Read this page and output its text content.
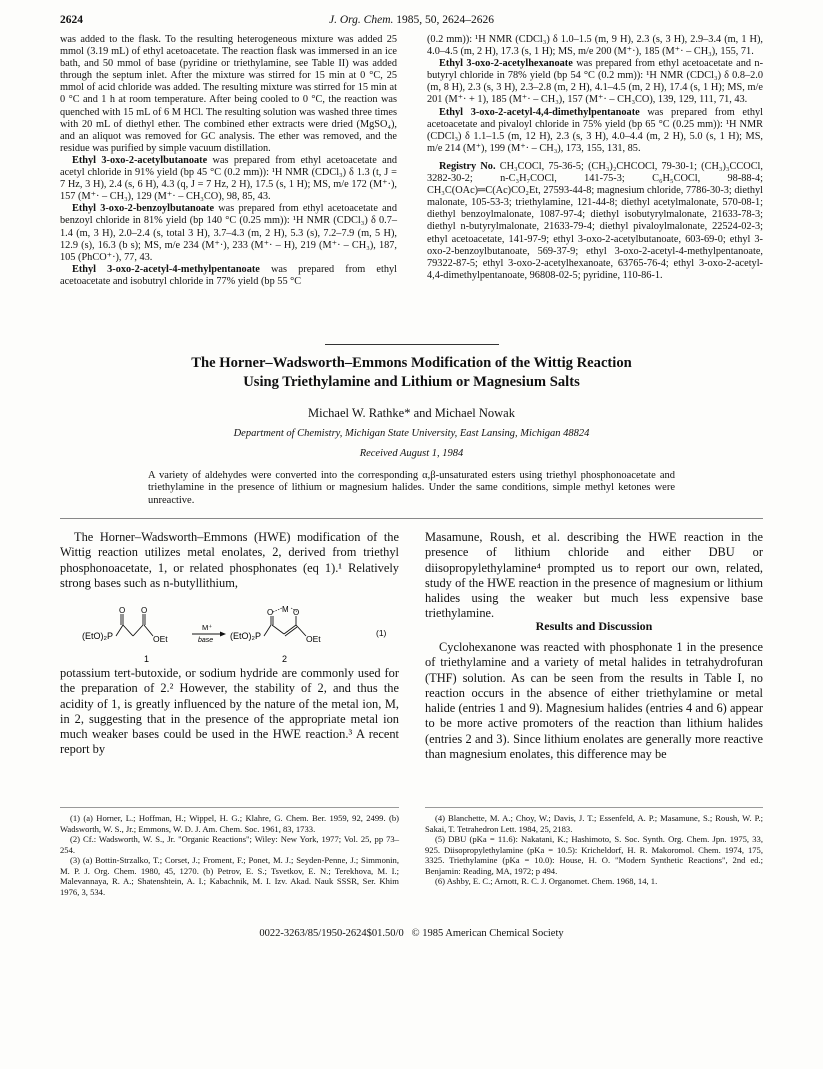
2624	J. Org. Chem. 1985, 50, 2624–2626

was added to the flask. To the resulting heterogeneous mixture was added 25 mmol (3.19 mL) of ethyl acetoacetate. The reaction flask was immersed in an ice bath, and 50 mmol of base (pyridine or triethylamine, see Table II) was added through the septum inlet. After the mixture was stirred for 15 min at 0 °C, 25 mmol of acid chloride was added. The resulting mixture was stirred for 15 min at 0 °C and 1 h at room temperature. After being cooled to 0 °C, the reaction was quenched with 15 mL of 6 M HCl. The resulting solution was washed three times with 20 mL of diethyl ether. The combined ether extracts were dried (MgSO₄), and an aliquot was removed for GC analysis. The ether was removed, and the residue was purified by simple vacuum distillation.

Ethyl 3-oxo-2-acetylbutanoate was prepared from ethyl acetoacetate and acetyl chloride in 91% yield (bp 45 °C (0.2 mm)): ¹H NMR (CDCl₃) δ 1.3 (t, J = 7 Hz, 3 H), 2.4 (s, 6 H), 4.3 (q, J = 7 Hz, 2 H), 17.5 (s, 1 H); MS, m/e 172 (M⁺·), 157 (M⁺· – CH₃), 129 (M⁺· – CH₃CO), 98, 85, 43.

Ethyl 3-oxo-2-benzoylbutanoate was prepared from ethyl acetoacetate and benzoyl chloride in 81% yield (bp 140 °C (0.25 mm)): ¹H NMR (CDCl₃) δ 0.7–1.4 (m, 3 H), 2.0–2.4 (s, total 3 H), 3.7–4.3 (m, 2 H), 5.3 (s), 7.2–7.9 (m, 5 H), 12.9 (s), 16.3 (b s); MS, m/e 234 (M⁺·), 233 (M⁺· – H), 219 (M⁺· – CH₃), 187, 105 (PhCO⁺·), 77, 43.

Ethyl 3-oxo-2-acetyl-4-methylpentanoate was prepared from ethyl acetoacetate and isobutryl chloride in 77% yield (bp 55 °C

(0.2 mm)): ¹H NMR (CDCl₃) δ 1.0–1.5 (m, 9 H), 2.3 (s, 3 H), 2.9–3.4 (m, 1 H), 4.0–4.5 (m, 2 H), 17.3 (s, 1 H); MS, m/e 200 (M⁺·), 185 (M⁺· – CH₃), 155, 71.

Ethyl 3-oxo-2-acetylhexanoate was prepared from ethyl acetoacetate and n-butyryl chloride in 78% yield (bp 54 °C (0.2 mm)): ¹H NMR (CDCl₃) δ 0.8–2.0 (m, 8 H), 2.3 (s, 3 H), 2.3–2.8 (m, 2 H), 4.1–4.5 (m, 2 H), 17.4 (s, 1 H); MS, m/e 201 (M⁺· + 1), 185 (M⁺· – CH₃), 157 (M⁺· – CH₃CO), 139, 129, 111, 71, 43.

Ethyl 3-oxo-2-acetyl-4,4-dimethylpentanoate was prepared from ethyl acetoacetate and pivaloyl chloride in 75% yield (bp 65 °C (0.25 mm)): ¹H NMR (CDCl₃) δ 1.1–1.5 (m, 12 H), 2.3 (s, 3 H), 4.0–4.4 (m, 2 H), 5.0 (s, 1 H); MS, m/e 214 (M⁺), 199 (M⁺· – CH₃), 173, 155, 131, 85.

Registry No. CH₃COCl, 75-36-5; (CH₃)₂CHCOCl, 79-30-1; (CH₃)₃CCOCl, 3282-30-2; n-C₃H₇COCl, 141-75-3; C₆H₅COCl, 98-88-4; CH₃C(OAc)═C(Ac)CO₂Et, 27593-44-8; magnesium chloride, 7786-30-3; diethyl malonate, 105-53-3; triethylamine, 121-44-8; diethyl acetylmalonate, 570-08-1; diethyl benzoylmalonate, 1087-97-4; diethyl isobutyrylmalonate, 21633-78-3; diethyl n-butyrylmalonate, 21633-79-4; diethyl pivaloylmalonate, 22524-02-3; ethyl acetoacetate, 141-97-9; ethyl 3-oxo-2-acetylbutanoate, 603-69-0; ethyl 3-oxo-2-benzoylbutanoate, 569-37-9; ethyl 3-oxo-2-acetyl-4-methylpentanoate, 79322-87-5; ethyl 3-oxo-2-acetylhexanoate, 63765-76-4; ethyl 3-oxo-2-acetyl-4,4-dimethylpentanoate, 96808-02-5; pyridine, 110-86-1.

The Horner–Wadsworth–Emmons Modification of the Wittig Reaction
Using Triethylamine and Lithium or Magnesium Salts
Michael W. Rathke* and Michael Nowak
Department of Chemistry, Michigan State University, East Lansing, Michigan 48824
Received August 1, 1984
A variety of aldehydes were converted into the corresponding α,β-unsaturated esters using triethyl phosphonoacetate and triethylamine in the presence of lithium or magnesium halides. Under the same conditions, simple methyl ketones were unreactive.

The Horner–Wadsworth–Emmons (HWE) modification of the Wittig reaction utilizes metal enolates, 2, derived from triethyl phosphonoacetate, 1, or related phosphonates (eq 1).¹ Relatively strong bases such as n-butyllithium,

(EtO)₂P
O O
OEt
M⁺
base (EtO)₂P
O M O
OEt
(1)
1	2

potassium tert-butoxide, or sodium hydride are commonly used for the preparation of 2.² However, the stability of 2, and thus the acidity of 1, is greatly influenced by the nature of the metal ion, M, in 2, suggesting that in the presence of the appropriate metal ion much weaker bases could be used in the HWE reaction.³ A recent report by

Masamune, Roush, et al. describing the HWE reaction in the presence of lithium chloride and either DBU or diisopropylethylamine⁴ prompted us to report our own, related, study of the HWE reaction in the presence of magnesium or lithium halides using the weaker but much less expensive base triethylamine.

Results and Discussion

Cyclohexanone was reacted with phosphonate 1 in the presence of triethylamine and a variety of metal halides in tetrahydrofuran (THF) solution. As can be seen from the results in Table I, no reaction occurs in the absence of either triethylamine or metal halide (entries 1 and 9). Magnesium halides (entries 4 and 6) appear to be more active promoters of the reaction than lithium halides (entries 2 and 3). Since lithium enolates are generally more reactive than magnesium enolates, this difference may be

(1) (a) Horner, L.; Hoffman, H.; Wippel, H. G.; Klahre, G. Chem. Ber. 1959, 92, 2499. (b) Wadsworth, W. S., Jr.; Emmons, W. D. J. Am. Chem. Soc. 1961, 83, 1733.

(2) Cf.: Wadsworth, W. S., Jr. "Organic Reactions"; Wiley: New York, 1977; Vol. 25, pp 73–254.

(3) (a) Bottin-Strzalko, T.; Corset, J.; Froment, F.; Ponet, M. J.; Seyden-Penne, J.; Simmonin, M. P. J. Org. Chem. 1980, 45, 1270. (b) Petrov, E. S.; Tsvetkov, E. N.; Terekhova, M. I.; Malevannaya, R. A.; Shatenshtein, A. I.; Kabachnik, M. I. Izv. Akad. Nauk SSSR, Ser. Khim 1976, 3, 534.

(4) Blanchette, M. A.; Choy, W.; Davis, J. T.; Essenfeld, A. P.; Masamune, S.; Roush, W. P.; Sakai, T. Tetrahedron Lett. 1984, 25, 2183.

(5) DBU (pKa = 11.6): Nakatani, K.; Hashimoto, S. Soc. Synth. Org. Chem. Jpn. 1975, 33, 925. Diisopropylethylamine (pKa = 10.5): Kricheldorf, H. R. Makoromol. Chem. 1974, 175, 3325. Triethylamine (pKa = 10.0): House, H. O. "Modern Synthetic Reactions", 2nd ed.; Benjamin: Reading, MA, 1972; p 494.

(6) Ashby, E. C.; Arnott, R. C. J. Organomet. Chem. 1968, 14, 1.

0022-3263/85/1950-2624$01.50/0 © 1985 American Chemical Society
